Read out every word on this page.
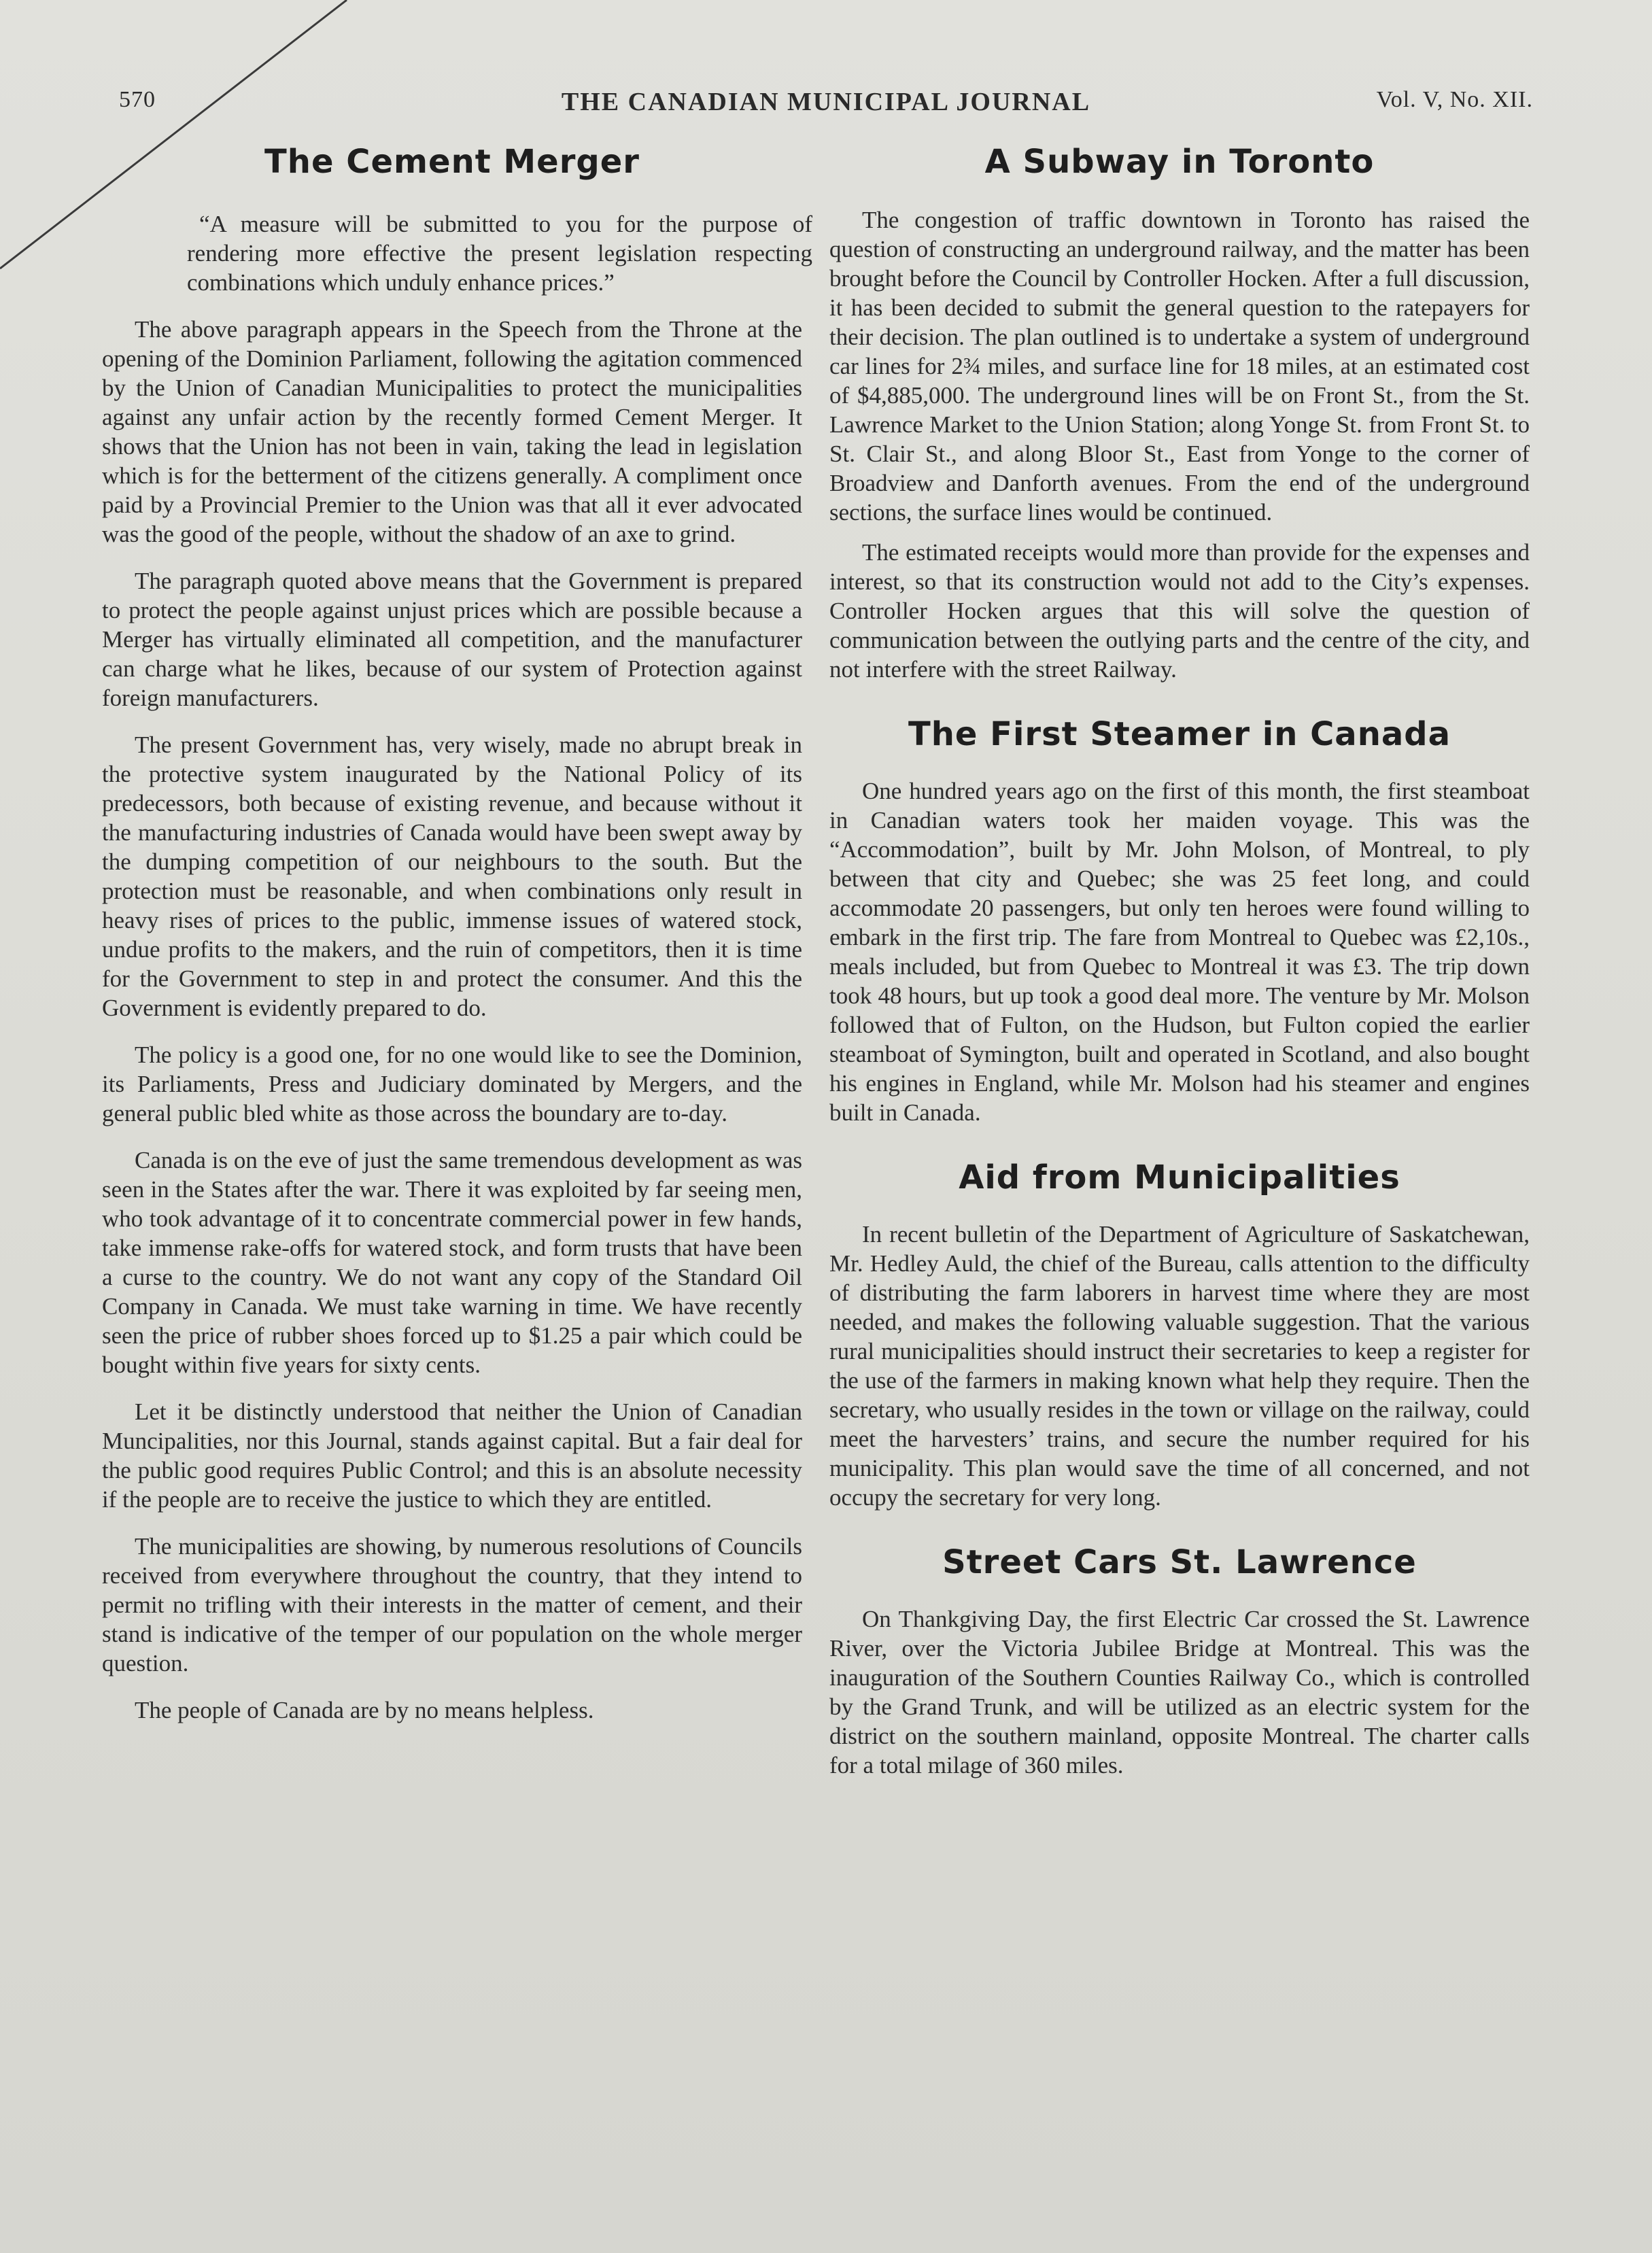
570	THE CANADIAN MUNICIPAL JOURNAL	Vol. V, No. XII.
The Cement Merger

“A measure will be submitted to you for the purpose of rendering more effective the present legislation respecting combinations which unduly enhance prices.”

The above paragraph appears in the Speech from the Throne at the opening of the Dominion Parliament, following the agitation commenced by the Union of Canadian Municipalities to protect the municipalities against any unfair action by the recently formed Cement Merger. It shows that the Union has not been in vain, taking the lead in legislation which is for the betterment of the citizens generally. A compliment once paid by a Provincial Premier to the Union was that all it ever advocated was the good of the people, without the shadow of an axe to grind.

The paragraph quoted above means that the Government is prepared to protect the people against unjust prices which are possible because a Merger has virtually eliminated all competition, and the manufacturer can charge what he likes, because of our system of Protection against foreign manufacturers.

The present Government has, very wisely, made no abrupt break in the protective system inaugurated by the National Policy of its predecessors, both because of existing revenue, and because without it the manufacturing industries of Canada would have been swept away by the dumping competition of our neighbours to the south. But the protection must be reasonable, and when combinations only result in heavy rises of prices to the public, immense issues of watered stock, undue profits to the makers, and the ruin of competitors, then it is time for the Government to step in and protect the consumer. And this the Government is evidently prepared to do.

The policy is a good one, for no one would like to see the Dominion, its Parliaments, Press and Judiciary dominated by Mergers, and the general public bled white as those across the boundary are to-day.

Canada is on the eve of just the same tremendous development as was seen in the States after the war. There it was exploited by far seeing men, who took advantage of it to concentrate commercial power in few hands, take immense rake-offs for watered stock, and form trusts that have been a curse to the country. We do not want any copy of the Standard Oil Company in Canada. We must take warning in time. We have recently seen the price of rubber shoes forced up to $1.25 a pair which could be bought within five years for sixty cents.

Let it be distinctly understood that neither the Union of Canadian Muncipalities, nor this Journal, stands against capital. But a fair deal for the public good requires Public Control; and this is an absolute necessity if the people are to receive the justice to which they are entitled.

The municipalities are showing, by numerous resolutions of Councils received from everywhere throughout the country, that they intend to permit no trifling with their interests in the matter of cement, and their stand is indicative of the temper of our population on the whole merger question.

The people of Canada are by no means helpless.

A Subway in Toronto

The congestion of traffic downtown in Toronto has raised the question of constructing an underground railway, and the matter has been brought before the Council by Controller Hocken. After a full discussion, it has been decided to submit the general question to the ratepayers for their decision. The plan outlined is to undertake a system of underground car lines for 2¾ miles, and surface line for 18 miles, at an estimated cost of $4,885,000. The underground lines will be on Front St., from the St. Lawrence Market to the Union Station; along Yonge St. from Front St. to St. Clair St., and along Bloor St., East from Yonge to the corner of Broadview and Danforth avenues. From the end of the underground sections, the surface lines would be continued.

The estimated receipts would more than provide for the expenses and interest, so that its construction would not add to the City’s expenses. Controller Hocken argues that this will solve the question of communication between the outlying parts and the centre of the city, and not interfere with the street Railway.

The First Steamer in Canada

One hundred years ago on the first of this month, the first steamboat in Canadian waters took her maiden voyage. This was the “Accommodation”, built by Mr. John Molson, of Montreal, to ply between that city and Quebec; she was 25 feet long, and could accommodate 20 passengers, but only ten heroes were found willing to embark in the first trip. The fare from Montreal to Quebec was £2,10s., meals included, but from Quebec to Montreal it was £3. The trip down took 48 hours, but up took a good deal more. The venture by Mr. Molson followed that of Fulton, on the Hudson, but Fulton copied the earlier steamboat of Symington, built and operated in Scotland, and also bought his engines in England, while Mr. Molson had his steamer and engines built in Canada.

Aid from Municipalities

In recent bulletin of the Department of Agriculture of Saskatchewan, Mr. Hedley Auld, the chief of the Bureau, calls attention to the difficulty of distributing the farm laborers in harvest time where they are most needed, and makes the following valuable suggestion. That the various rural municipalities should instruct their secretaries to keep a register for the use of the farmers in making known what help they require. Then the secretary, who usually resides in the town or village on the railway, could meet the harvesters’ trains, and secure the number required for his municipality. This plan would save the time of all concerned, and not occupy the secretary for very long.

Street Cars St. Lawrence

On Thankgiving Day, the first Electric Car crossed the St. Lawrence River, over the Victoria Jubilee Bridge at Montreal. This was the inauguration of the Southern Counties Railway Co., which is controlled by the Grand Trunk, and will be utilized as an electric system for the district on the southern mainland, opposite Montreal. The charter calls for a total milage of 360 miles.
